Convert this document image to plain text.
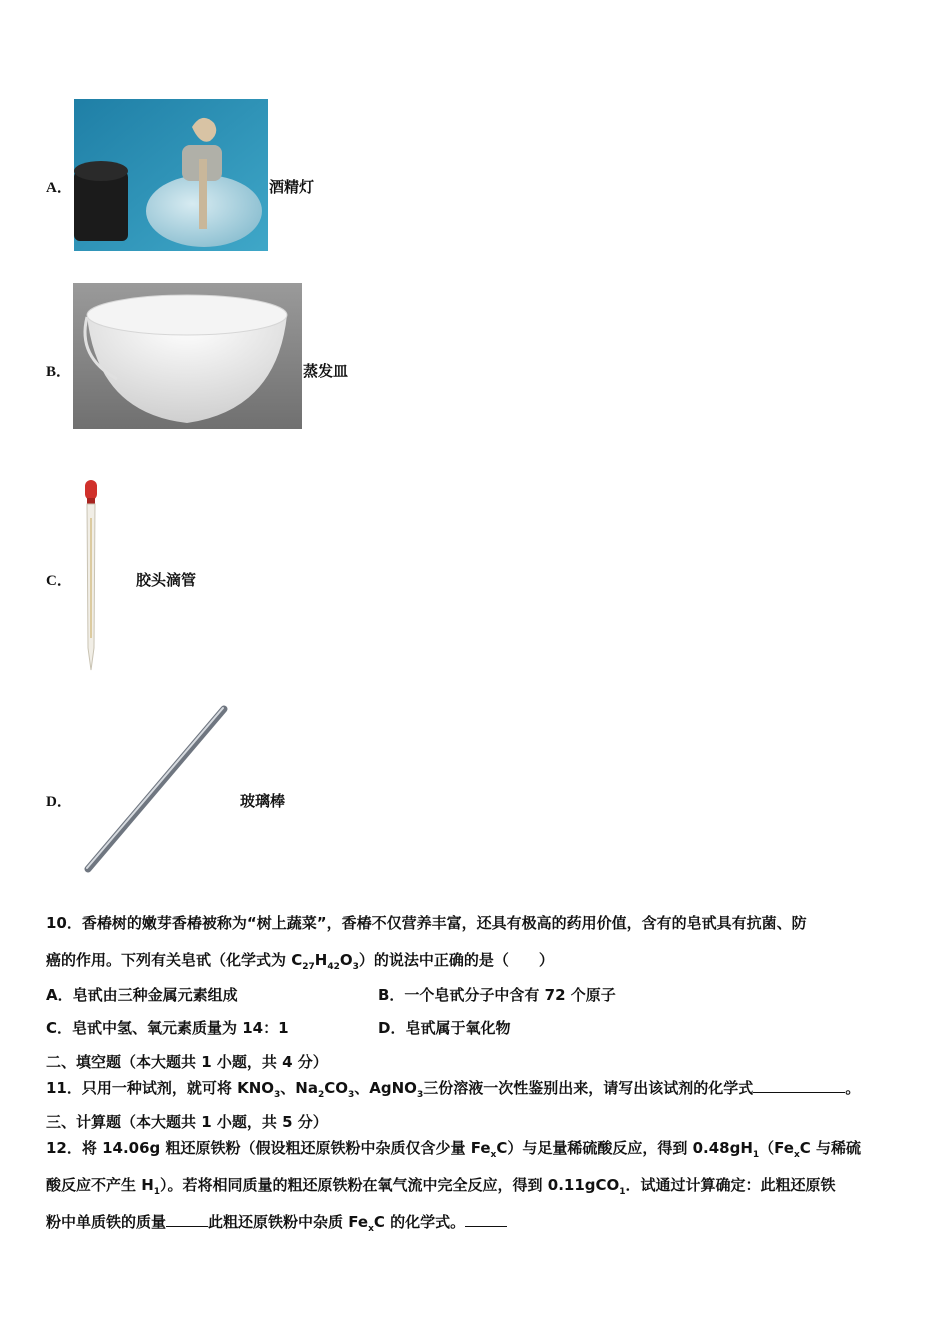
A．	酒精灯
B．	蒸发皿
C．	胶头滴管
D．	玻璃棒
10．香椿树的嫩芽香椿被称为“树上蔬菜”，香椿不仅营养丰富，还具有极高的药用价值，含有的皂甙具有抗菌、防
癌的作用。下列有关皂甙（化学式为 $C_{27}H_{42}O_3$）的说法中正确的是（　　）
A．皂甙由三种金属元素组成	B．一个皂甙分子中含有 72 个原子
C．皂甙中氢、氧元素质量为 14：1	D．皂甙属于氧化物
二、填空题（本大题共 1 小题，共 4 分）
11．只用一种试剂，就可将 $KNO_3$、$Na_2CO_3$、AgNO$_3$三份溶液一次性鉴别出来，请写出该试剂的化学式	。
三、计算题（本大题共 1 小题，共 5 分）
12．将 14.06g 粗还原铁粉（假设粗还原铁粉中杂质仅含少量 $Fe_xC$）与足量稀硫酸反应，得到 $0.48gH_1(Fe_xC$ 与稀硫
酸反应不产生 $H_1$）。若将相同质量的粗还原铁粉在氧气流中完全反应，得到 0.11gCO$_1$．试通过计算确定：此粗还原铁
粉中单质铁的质量	此粗还原铁粉中杂质 $Fe_xC$ 的化学式。
